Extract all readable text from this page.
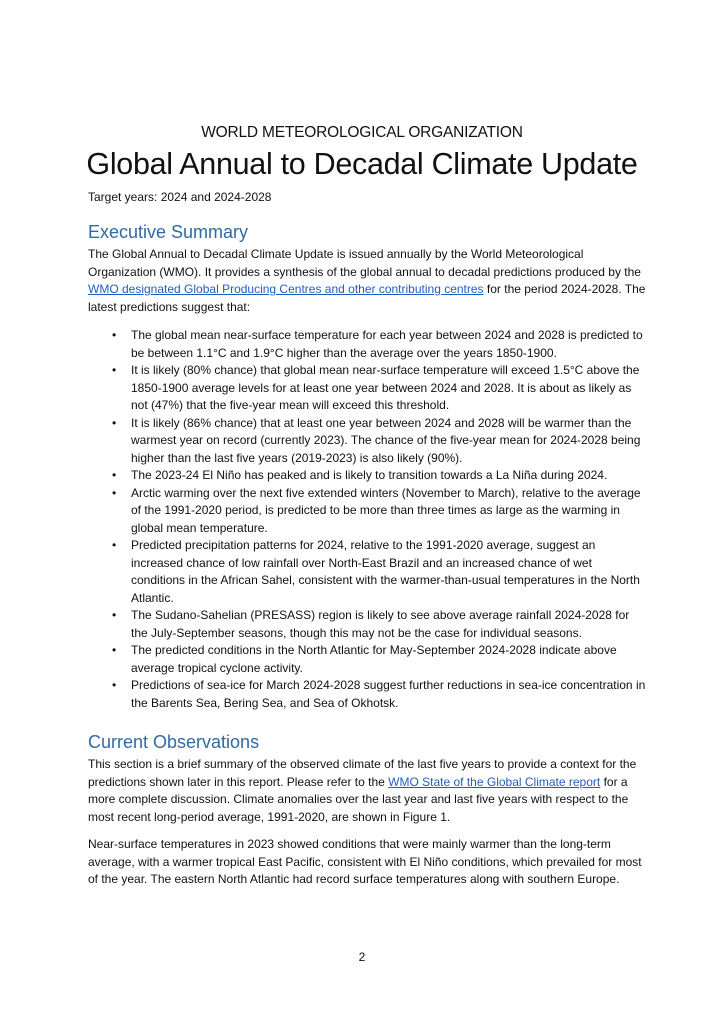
WORLD METEOROLOGICAL ORGANIZATION
Global Annual to Decadal Climate Update
Target years: 2024 and 2024-2028
Executive Summary

The Global Annual to Decadal Climate Update is issued annually by the World Meteorological Organization (WMO). It provides a synthesis of the global annual to decadal predictions produced by the WMO designated Global Producing Centres and other contributing centres for the period 2024-2028. The latest predictions suggest that:

• The global mean near-surface temperature for each year between 2024 and 2028 is predicted to be between 1.1°C and 1.9°C higher than the average over the years 1850-1900.
• It is likely (80% chance) that global mean near-surface temperature will exceed 1.5°C above the 1850-1900 average levels for at least one year between 2024 and 2028. It is about as likely as not (47%) that the five-year mean will exceed this threshold.
• It is likely (86% chance) that at least one year between 2024 and 2028 will be warmer than the warmest year on record (currently 2023). The chance of the five-year mean for 2024-2028 being higher than the last five years (2019-2023) is also likely (90%).
• The 2023-24 El Niño has peaked and is likely to transition towards a La Niña during 2024.
• Arctic warming over the next five extended winters (November to March), relative to the average of the 1991-2020 period, is predicted to be more than three times as large as the warming in global mean temperature.
• Predicted precipitation patterns for 2024, relative to the 1991-2020 average, suggest an increased chance of low rainfall over North-East Brazil and an increased chance of wet conditions in the African Sahel, consistent with the warmer-than-usual temperatures in the North Atlantic.
• The Sudano-Sahelian (PRESASS) region is likely to see above average rainfall 2024-2028 for the July-September seasons, though this may not be the case for individual seasons.
• The predicted conditions in the North Atlantic for May-September 2024-2028 indicate above average tropical cyclone activity.
• Predictions of sea-ice for March 2024-2028 suggest further reductions in sea-ice concentration in the Barents Sea, Bering Sea, and Sea of Okhotsk.
Current Observations

This section is a brief summary of the observed climate of the last five years to provide a context for the predictions shown later in this report. Please refer to the WMO State of the Global Climate report for a more complete discussion. Climate anomalies over the last year and last five years with respect to the most recent long-period average, 1991-2020, are shown in Figure 1.

Near-surface temperatures in 2023 showed conditions that were mainly warmer than the long-term average, with a warmer tropical East Pacific, consistent with El Niño conditions, which prevailed for most of the year. The eastern North Atlantic had record surface temperatures along with southern Europe.

2
